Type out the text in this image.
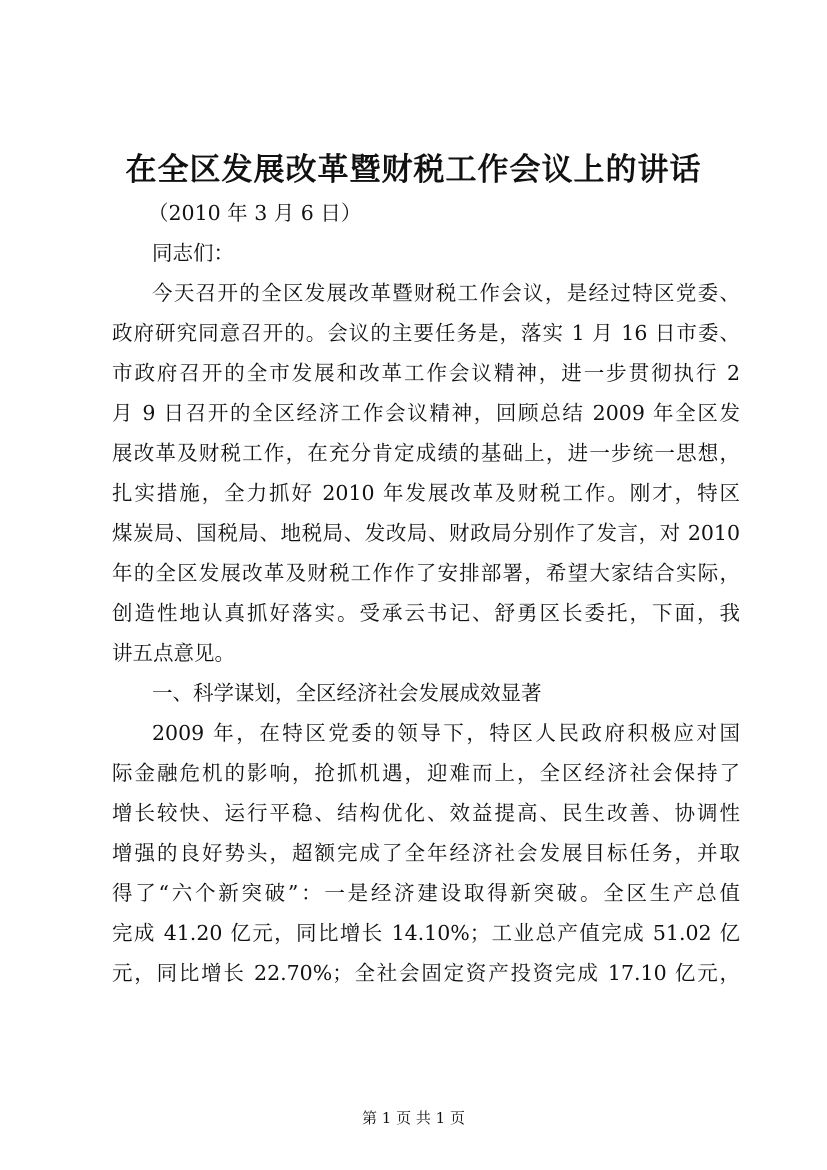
在全区发展改革暨财税工作会议上的讲话
（2010 年 3 月 6 日）
同志们：
今天召开的全区发展改革暨财税工作会议，是经过特区党委、
政府研究同意召开的。会议的主要任务是，落实 1 月 16 日市委、
市政府召开的全市发展和改革工作会议精神，进一步贯彻执行 2
月 9 日召开的全区经济工作会议精神，回顾总结 2009 年全区发
展改革及财税工作，在充分肯定成绩的基础上，进一步统一思想，
扎实措施，全力抓好 2010 年发展改革及财税工作。刚才，特区
煤炭局、国税局、地税局、发改局、财政局分别作了发言，对 2010
年的全区发展改革及财税工作作了安排部署，希望大家结合实际，
创造性地认真抓好落实。受承云书记、舒勇区长委托，下面，我
讲五点意见。
一、科学谋划，全区经济社会发展成效显著
2009 年，在特区党委的领导下，特区人民政府积极应对国
际金融危机的影响，抢抓机遇，迎难而上，全区经济社会保持了
增长较快、运行平稳、结构优化、效益提高、民生改善、协调性
增强的良好势头，超额完成了全年经济社会发展目标任务，并取
得了“六个新突破”：一是经济建设取得新突破。全区生产总值
完成 41.20 亿元，同比增长 14.10%；工业总产值完成 51.02 亿
元，同比增长 22.70%；全社会固定资产投资完成 17.10 亿元，
第 1 页 共 1 页
